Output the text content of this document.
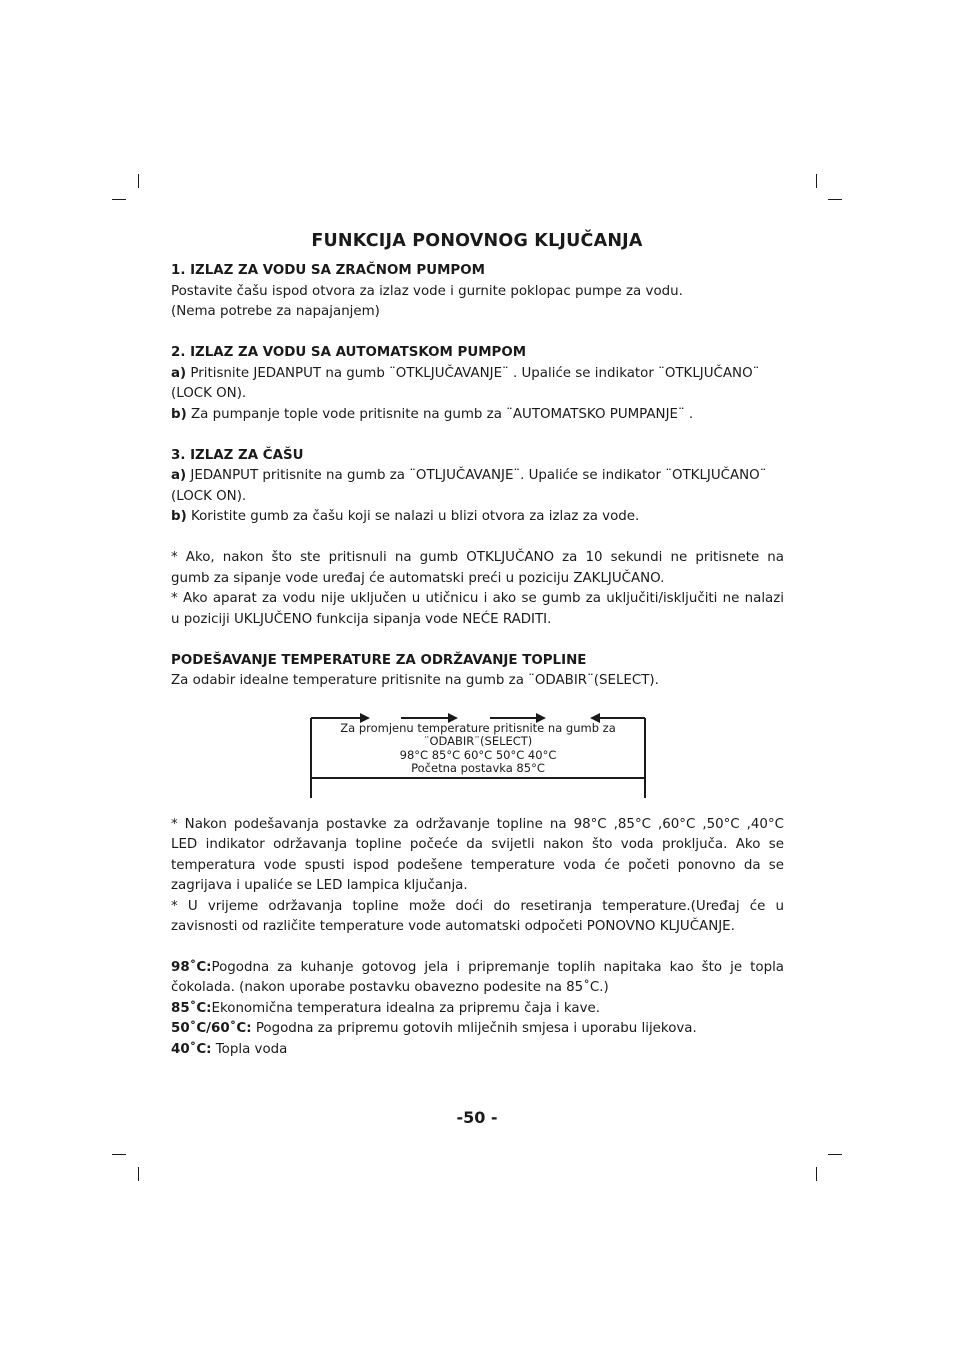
FUNKCIJA PONOVNOG KLJUČANJA
1. IZLAZ ZA VODU SA ZRAČNOM PUMPOM
Postavite čašu ispod otvora za izlaz vode i gurnite poklopac pumpe za vodu.
(Nema potrebe za napajanjem)
2. IZLAZ ZA VODU SA AUTOMATSKOM PUMPOM
a) Pritisnite JEDANPUT na gumb ¨OTKLJUČAVANJE¨ . Upaliće se indikator ¨OTKLJUČANO¨
(LOCK ON).
b) Za pumpanje tople vode pritisnite na gumb za ¨AUTOMATSKO PUMPANJE¨ .
3. IZLAZ ZA ČAŠU
a) JEDANPUT pritisnite na gumb za ¨OTLJUČAVANJE¨. Upaliće se indikator ¨OTKLJUČANO¨
(LOCK ON).
b) Koristite gumb za čašu koji se nalazi u blizi otvora za izlaz za vode.
* Ako, nakon što ste pritisnuli na gumb OTKLJUČANO za 10 sekundi ne pritisnete na
gumb za sipanje vode uređaj će automatski preći u poziciju ZAKLJUČANO.
* Ako aparat za vodu nije uključen u utičnicu i ako se gumb za uključiti/isključiti ne nalazi
u poziciji UKLJUČENO funkcija sipanja vode NEĆE RADITI.
PODEŠAVANJE TEMPERATURE ZA ODRŽAVANJE TOPLINE
Za odabir idealne temperature pritisnite na gumb za ¨ODABIR¨(SELECT).
* Nakon podešavanja postavke za održavanje topline na 98°C ,85°C ,60°C ,50°C ,40°C
LED indikator održavanja topline počeće da svijetli nakon što voda proključa. Ako se
temperatura vode spusti ispod podešene temperature voda će početi ponovno da se
zagrijava i upaliće se LED lampica ključanja.
* U vrijeme održavanja topline može doći do resetiranja temperature.(Uređaj će u
zavisnosti od različite temperature vode automatski odpočeti PONOVNO KLJUČANJE.
98˚C:Pogodna za kuhanje gotovog jela i pripremanje toplih napitaka kao što je topla
čokolada. (nakon uporabe postavku obavezno podesite na 85˚C.)
85˚C:Ekonomična temperatura idealna za pripremu čaja i kave.
50˚C/60˚C: Pogodna za pripremu gotovih mliječnih smjesa i uporabu lijekova.
40˚C: Topla voda
Za promjenu temperature pritisnite na gumb za
¨ODABIR¨(SELECT)
98°C 85°C 60°C 50°C 40°C
Početna postavka 85°C
-50 -
